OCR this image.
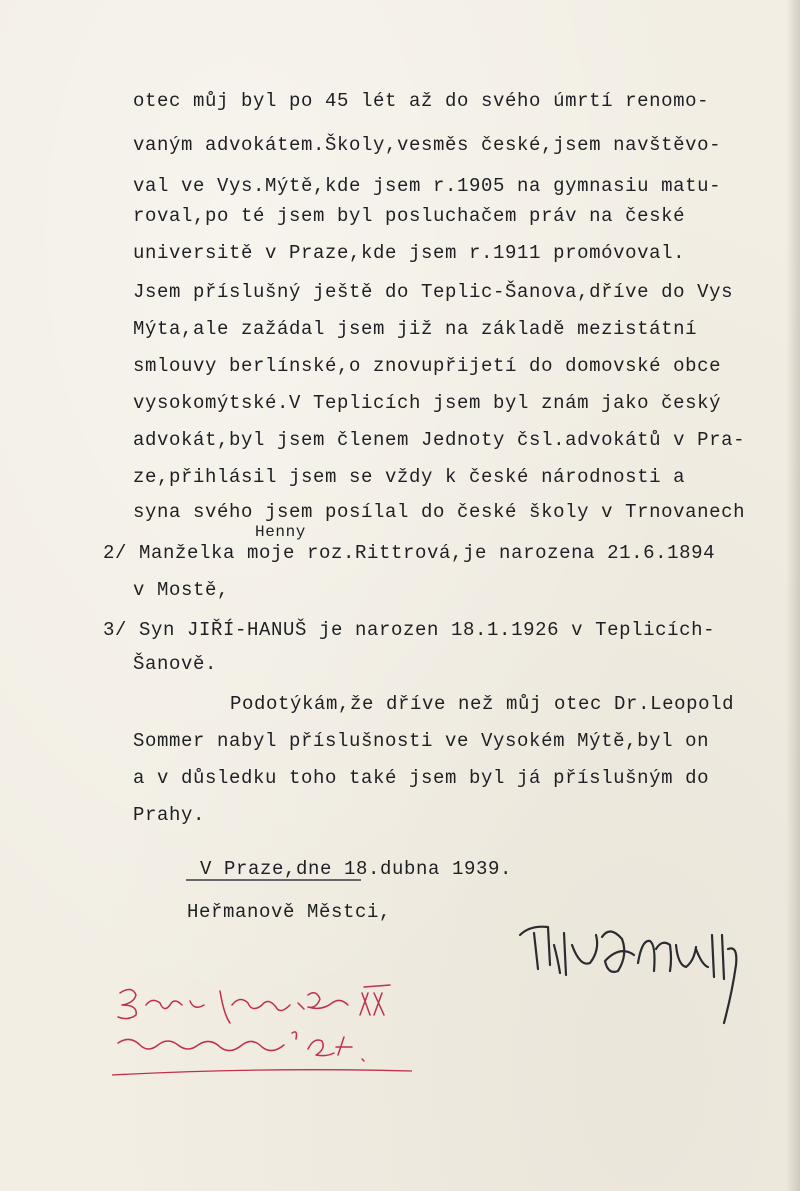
otec můj byl po 45 lét až do svého úmrtí renomo-
vaným advokátem.Školy,vesměs české,jsem navštěvo-
val ve Vys.Mýtě,kde jsem r.1905 na gymnasiu matu-
roval,po té jsem byl posluchačem práv na české
universitě v Praze,kde jsem r.1911 promóvoval.
Jsem příslušný ještě do Teplic-Šanova,dříve do Vys
Mýta,ale zažádal jsem již na základě mezistátní
smlouvy berlínské,o znovupřijetí do domovské obce
vysokomýtské.V Teplicích jsem byl znám jako český
advokát,byl jsem členem Jednoty čsl.advokátů v Pra-
ze,přihlásil jsem se vždy k české národnosti a
syna svého jsem posílal do české školy v Trnovanech
Henny
2/ Manželka moje roz.Rittrová,je narozena 21.6.1894
v Mostě,
3/ Syn JIŘÍ-HANUŠ je narozen 18.1.1926 v Teplicích-
Šanově.
Podotýkám,že dříve než můj otec Dr.Leopold
Sommer nabyl příslušnosti ve Vysokém Mýtě,byl on
a v důsledku toho také jsem byl já příslušným do
Prahy.
V Praze,dne 18.dubna 1939.
Heřmanově Městci,
